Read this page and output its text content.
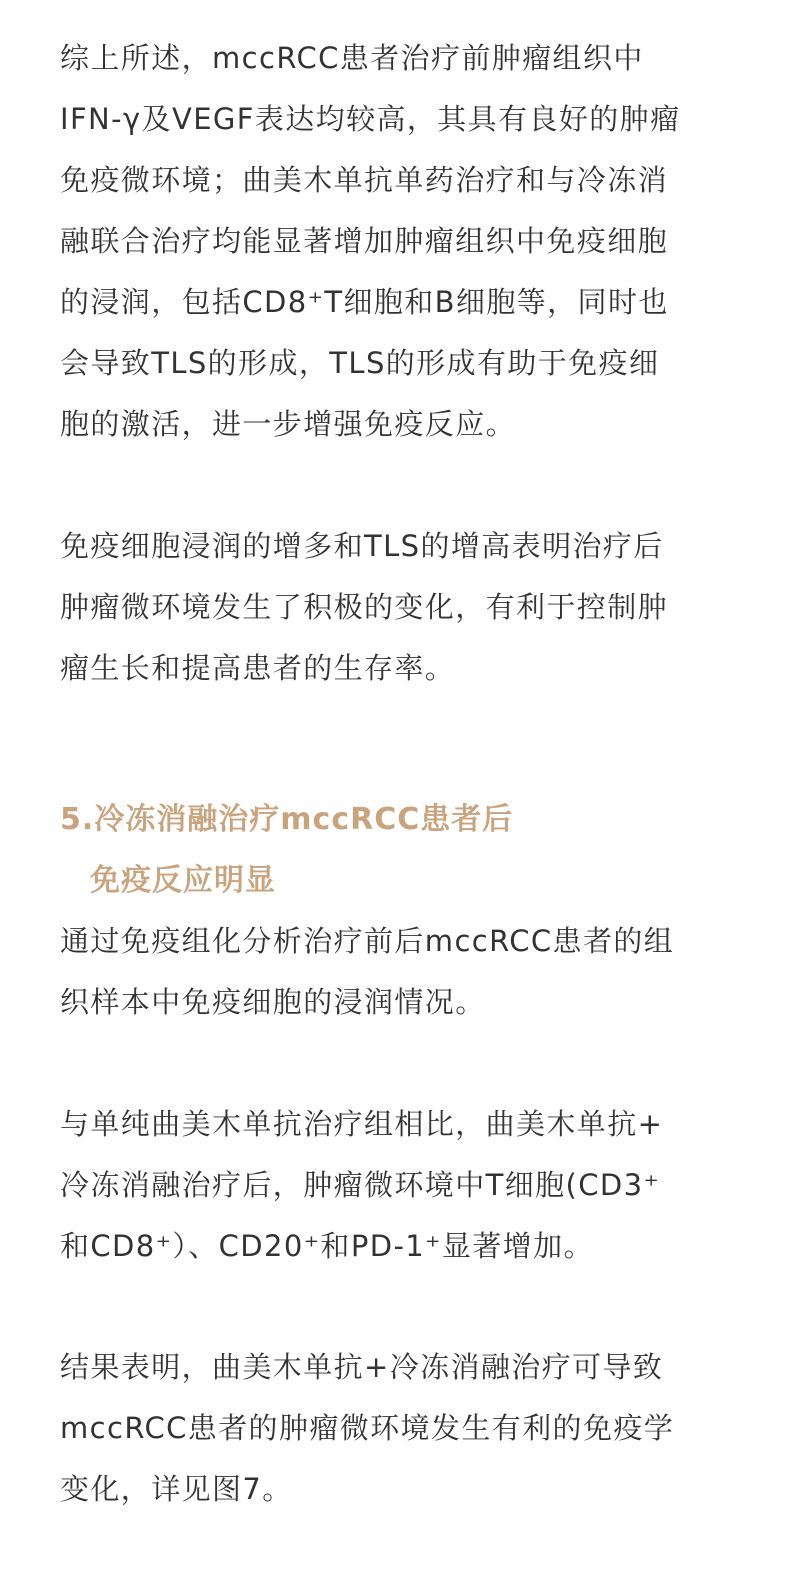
综上所述，mccRCC患者治疗前肿瘤组织中
IFN-γ及VEGF表达均较高，其具有良好的肿瘤
免疫微环境；曲美木单抗单药治疗和与冷冻消
融联合治疗均能显著增加肿瘤组织中免疫细胞
的浸润，包括CD8⁺T细胞和B细胞等，同时也
会导致TLS的形成，TLS的形成有助于免疫细
胞的激活，进一步增强免疫反应。

免疫细胞浸润的增多和TLS的增高表明治疗后
肿瘤微环境发生了积极的变化，有利于控制肿
瘤生长和提高患者的生存率。

5.冷冻消融治疗mccRCC患者后
免疫反应明显

通过免疫组化分析治疗前后mccRCC患者的组
织样本中免疫细胞的浸润情况。

与单纯曲美木单抗治疗组相比，曲美木单抗+
冷冻消融治疗后，肿瘤微环境中T细胞(CD3⁺
和CD8⁺）、CD20⁺和PD-1⁺显著增加。

结果表明，曲美木单抗+冷冻消融治疗可导致
mccRCC患者的肿瘤微环境发生有利的免疫学
变化，详见图7。
